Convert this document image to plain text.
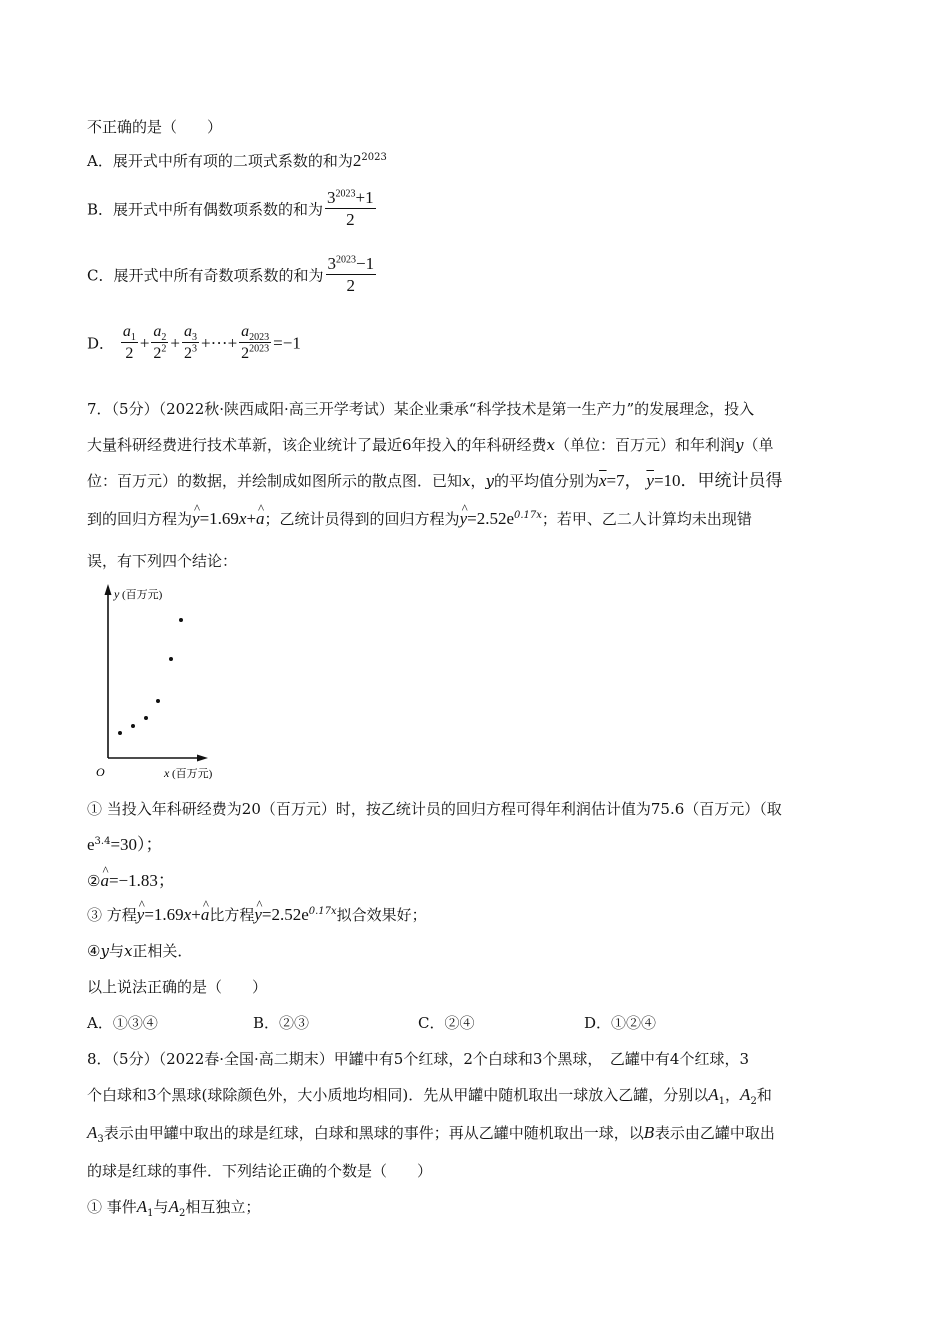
不正确的是（　　）
A．展开式中所有项的二项式系数的和为$2^{2023}$
B．展开式中所有偶数项系数的和为 $\frac{3^{2023}+1}{2}$
C．展开式中所有奇数项系数的和为 $\frac{3^{2023}-1}{2}$
D． $\frac{a_1}{2} + \frac{a_2}{2^2} + \frac{a_3}{2^3}$ +···+ $\frac{a_{2023}}{2^{2023}} =-1$
7．（5分）（2022秋·陕西咸阳·高三开学考试）某企业秉承“科学技术是第一生产力”的发展理念，投入
大量科研经费进行技术革新，该企业统计了最近6年投入的年科研经费x（单位：百万元）和年利润y（单
位：百万元）的数据，并绘制成如图所示的散点图．已知x，y的平均值分别为$\overline{x}=7$， $\overline{y}=10$．甲统计员得
到的回归方程为^ y=1.69x+^ a；乙统计员得到的回归方程为^ $y=2.52e^{0.17x}$；若甲、乙二人计算均未出现错
误，有下列四个结论：
y (百万元)
x (百万元)
O
① 当投入年科研经费为20（百万元）时，按乙统计员的回归方程可得年利润估计值为75.6（百万元）（取
$e^{3.4}=30$）；
②^ a=−1.83；
③ 方程^ y=1.69x+^ a比方程^ $y=2.52e^{0.17x}$拟合效果好；
④y与x正相关．
以上说法正确的是（　　）
A．①③④	B．②③	C．②④	D．①②④
8．（5分）（2022春·全国·高二期末）甲罐中有5个红球，2个白球和3个黑球，　乙罐中有4个红球，3
个白球和3个黑球(球除颜色外，大小质地均相同)．先从甲罐中随机取出一球放入乙罐，分别以$A_1$，$A_2$和
$A_3$表示由甲罐中取出的球是红球，白球和黑球的事件；再从乙罐中随机取出一球，以B表示由乙罐中取出
的球是红球的事件．下列结论正确的个数是（　　）
① 事件$A_1$与$A_2$相互独立；
